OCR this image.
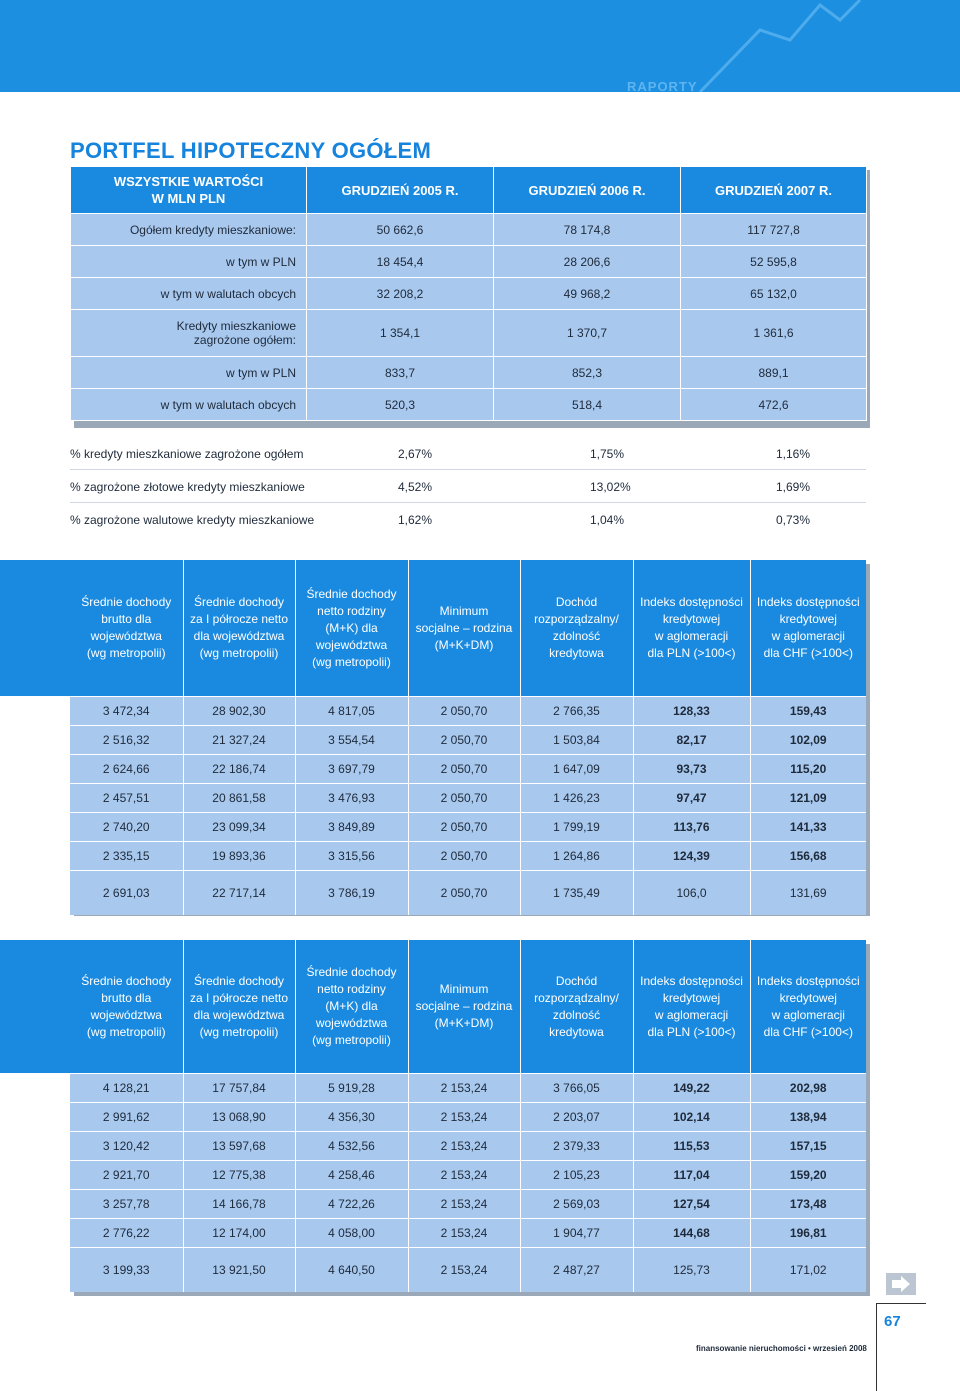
RAPORTY
PORTFEL HIPOTECZNY OGÓŁEM
WSZYSTKIE WARTOŚCI
W MLN PLN	GRUDZIEŃ 2005 R.	GRUDZIEŃ 2006 R.	GRUDZIEŃ 2007 R.
Ogółem kredyty mieszkaniowe:	50 662,6	78 174,8	117 727,8
w tym w PLN	18 454,4	28 206,6	52 595,8
w tym w walutach obcych	32 208,2	49 968,2	65 132,0
Kredyty mieszkaniowe
zagrożone ogółem:	1 354,1	1 370,7	1 361,6
w tym w PLN	833,7	852,3	889,1
w tym w walutach obcych	520,3	518,4	472,6
% kredyty mieszkaniowe zagrożone ogółem	2,67%	1,75%	1,16%
% zagrożone złotowe kredyty mieszkaniowe	4,52%	13,02%	1,69%
% zagrożone walutowe kredyty mieszkaniowe	1,62%	1,04%	0,73%
Średnie dochody
brutto dla
województwa
(wg metropolii)	Średnie dochody
za I półrocze netto
dla województwa
(wg metropolii)	Średnie dochody
netto rodziny
(M+K) dla
województwa
(wg metropolii)	Minimum
socjalne – rodzina
(M+K+DM)	Dochód
rozporządzalny/
zdolność
kredytowa	Indeks dostępności
kredytowej
w aglomeracji
dla PLN (>100<)	Indeks dostępności
kredytowej
w aglomeracji
dla CHF (>100<)
3 472,34	28 902,30	4 817,05	2 050,70	2 766,35	128,33	159,43
2 516,32	21 327,24	3 554,54	2 050,70	1 503,84	82,17	102,09
2 624,66	22 186,74	3 697,79	2 050,70	1 647,09	93,73	115,20
2 457,51	20 861,58	3 476,93	2 050,70	1 426,23	97,47	121,09
2 740,20	23 099,34	3 849,89	2 050,70	1 799,19	113,76	141,33
2 335,15	19 893,36	3 315,56	2 050,70	1 264,86	124,39	156,68
2 691,03	22 717,14	3 786,19	2 050,70	1 735,49	106,0	131,69
Średnie dochody
brutto dla
województwa
(wg metropolii)	Średnie dochody
za I półrocze netto
dla województwa
(wg metropolii)	Średnie dochody
netto rodziny
(M+K) dla
województwa
(wg metropolii)	Minimum
socjalne – rodzina
(M+K+DM)	Dochód
rozporządzalny/
zdolność
kredytowa	Indeks dostępności
kredytowej
w aglomeracji
dla PLN (>100<)	Indeks dostępności
kredytowej
w aglomeracji
dla CHF (>100<)
4 128,21	17 757,84	5 919,28	2 153,24	3 766,05	149,22	202,98
2 991,62	13 068,90	4 356,30	2 153,24	2 203,07	102,14	138,94
3 120,42	13 597,68	4 532,56	2 153,24	2 379,33	115,53	157,15
2 921,70	12 775,38	4 258,46	2 153,24	2 105,23	117,04	159,20
3 257,78	14 166,78	4 722,26	2 153,24	2 569,03	127,54	173,48
2 776,22	12 174,00	4 058,00	2 153,24	1 904,77	144,68	196,81
3 199,33	13 921,50	4 640,50	2 153,24	2 487,27	125,73	171,02
67
finansowanie nieruchomości • wrzesień 2008
